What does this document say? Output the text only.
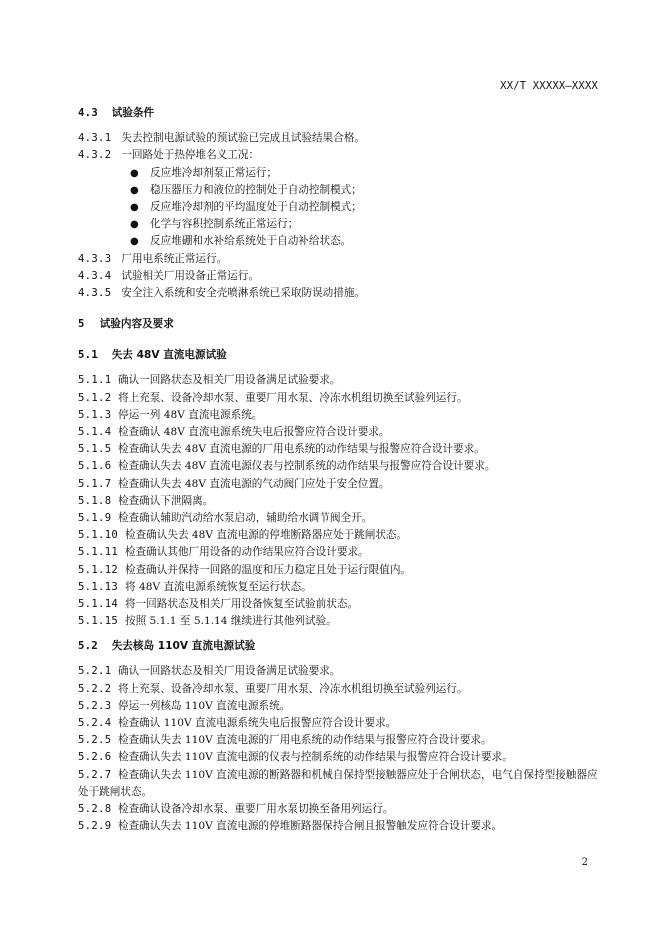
XX/T XXXXX—XXXX
4.3 试验条件
4.3.1 失去控制电源试验的预试验已完成且试验结果合格。
4.3.2 一回路处于热停堆名义工况：
● 反应堆冷却剂泵正常运行；
● 稳压器压力和液位的控制处于自动控制模式；
● 反应堆冷却剂的平均温度处于自动控制模式；
● 化学与容积控制系统正常运行；
● 反应堆硼和水补给系统处于自动补给状态。
4.3.3 厂用电系统正常运行。
4.3.4 试验相关厂用设备正常运行。
4.3.5 安全注入系统和安全壳喷淋系统已采取防误动措施。
5 试验内容及要求
5.1 失去 48V 直流电源试验
5.1.1 确认一回路状态及相关厂用设备满足试验要求。
5.1.2 将上充泵、设备冷却水泵、重要厂用水泵、冷冻水机组切换至试验列运行。
5.1.3 停运一列 48V 直流电源系统。
5.1.4 检查确认 48V 直流电源系统失电后报警应符合设计要求。
5.1.5 检查确认失去 48V 直流电源的厂用电系统的动作结果与报警应符合设计要求。
5.1.6 检查确认失去 48V 直流电源仪表与控制系统的动作结果与报警应符合设计要求。
5.1.7 检查确认失去 48V 直流电源的气动阀门应处于安全位置。
5.1.8 检查确认下泄隔离。
5.1.9 检查确认辅助汽动给水泵启动，辅助给水调节阀全开。
5.1.10 检查确认失去 48V 直流电源的停堆断路器应处于跳闸状态。
5.1.11 检查确认其他厂用设备的动作结果应符合设计要求。
5.1.12 检查确认并保持一回路的温度和压力稳定且处于运行限值内。
5.1.13 将 48V 直流电源系统恢复至运行状态。
5.1.14 将一回路状态及相关厂用设备恢复至试验前状态。
5.1.15 按照 5.1.1 至 5.1.14 继续进行其他列试验。
5.2 失去核岛 110V 直流电源试验
5.2.1 确认一回路状态及相关厂用设备满足试验要求。
5.2.2 将上充泵、设备冷却水泵、重要厂用水泵、冷冻水机组切换至试验列运行。
5.2.3 停运一列核岛 110V 直流电源系统。
5.2.4 检查确认 110V 直流电源系统失电后报警应符合设计要求。
5.2.5 检查确认失去 110V 直流电源的厂用电系统的动作结果与报警应符合设计要求。
5.2.6 检查确认失去 110V 直流电源的仪表与控制系统的动作结果与报警应符合设计要求。
5.2.7 检查确认失去 110V 直流电源的断路器和机械自保持型接触器应处于合闸状态，电气自保持型接触器应处于跳闸状态。
5.2.8 检查确认设备冷却水泵、重要厂用水泵切换至备用列运行。
5.2.9 检查确认失去 110V 直流电源的停堆断路器保持合闸且报警触发应符合设计要求。
2
